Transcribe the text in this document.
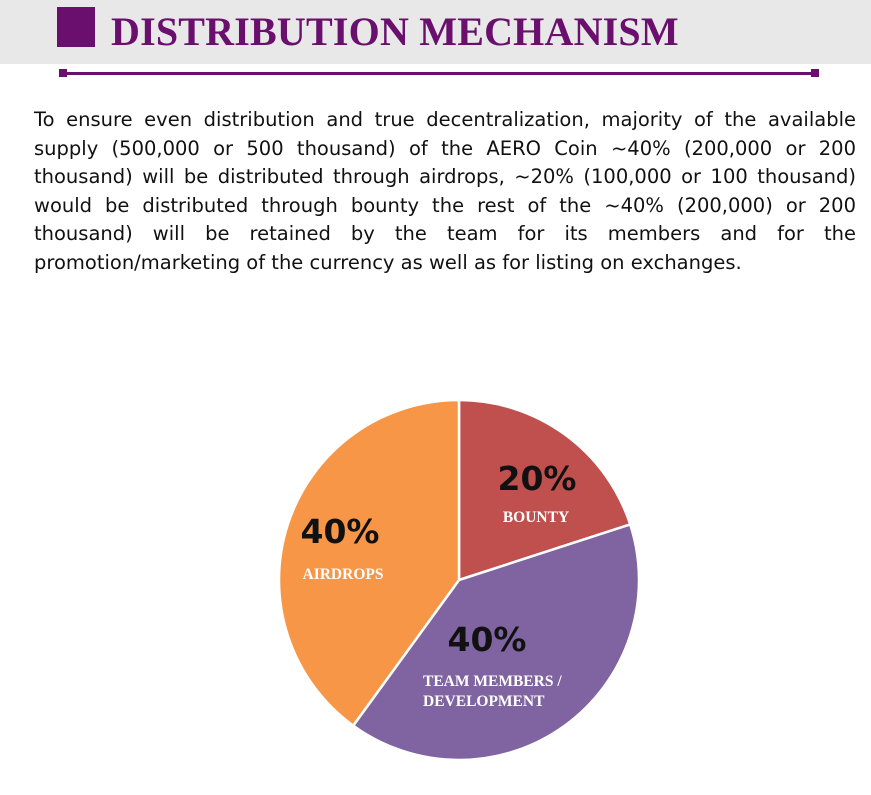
DISTRIBUTION MECHANISM

To ensure even distribution and true decentralization, majority of the available supply (500,000 or 500 thousand) of the AERO Coin ~40% (200,000 or 200 thousand) will be distributed through airdrops, ~20% (100,000 or 100 thousand) would be distributed through bounty the rest of the ~40% (200,000) or 200 thousand) will be retained by the team for its members and for the promotion/marketing of the currency as well as for listing on exchanges.

20%
BOUNTY
40%
TEAM MEMBERS / DEVELOPMENT
40%
AIRDROPS
